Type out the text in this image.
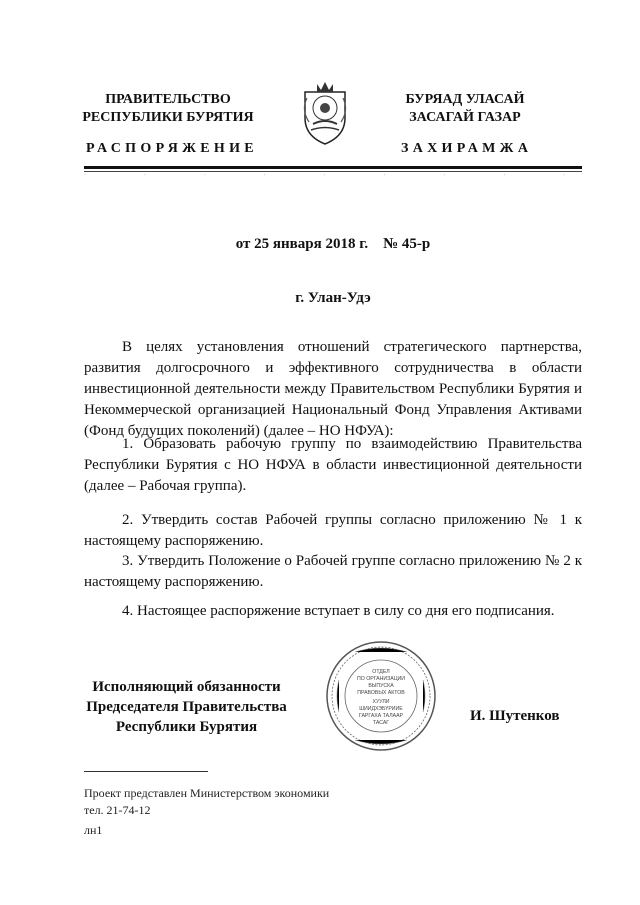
ПРАВИТЕЛЬСТВО
РЕСПУБЛИКИ БУРЯТИЯ
БУРЯАД УЛАСАЙ
ЗАСАГАЙ ГАЗАР
РАСПОРЯЖЕНИЕ	ЗАХИРАМЖА
·········
от 25 января 2018 г.    № 45-р
г. Улан-Удэ
В целях установления отношений стратегического партнерства, развития долгосрочного и эффективного сотрудничества в области инвестиционной деятельности между Правительством Республики Бурятия и Некоммерческой организацией Национальный Фонд Управления Активами (Фонд будущих поколений) (далее – НО НФУА):
1. Образовать рабочую группу по взаимодействию Правительства Республики Бурятия с НО НФУА в области инвестиционной деятельности (далее – Рабочая группа).
2. Утвердить состав Рабочей группы согласно приложению № 1 к настоящему распоряжению.
3. Утвердить Положение о Рабочей группе согласно приложению № 2 к настоящему распоряжению.
4. Настоящее распоряжение вступает в силу со дня его подписания.
Исполняющий обязанности
Председателя Правительства
Республики Бурятия
ОТДЕЛ
ПО ОРГАНИЗАЦИИ
ВЫПУСКА
ПРАВОВЫХ АКТОВ
ХУУЛИ
ШИИДХЭБҮРИИЕ
ГАРГАХА ТАЛААР
ТАСАГ	И. Шутенков
Проект представлен Министерством экономики
тел. 21-74-12
лн1
